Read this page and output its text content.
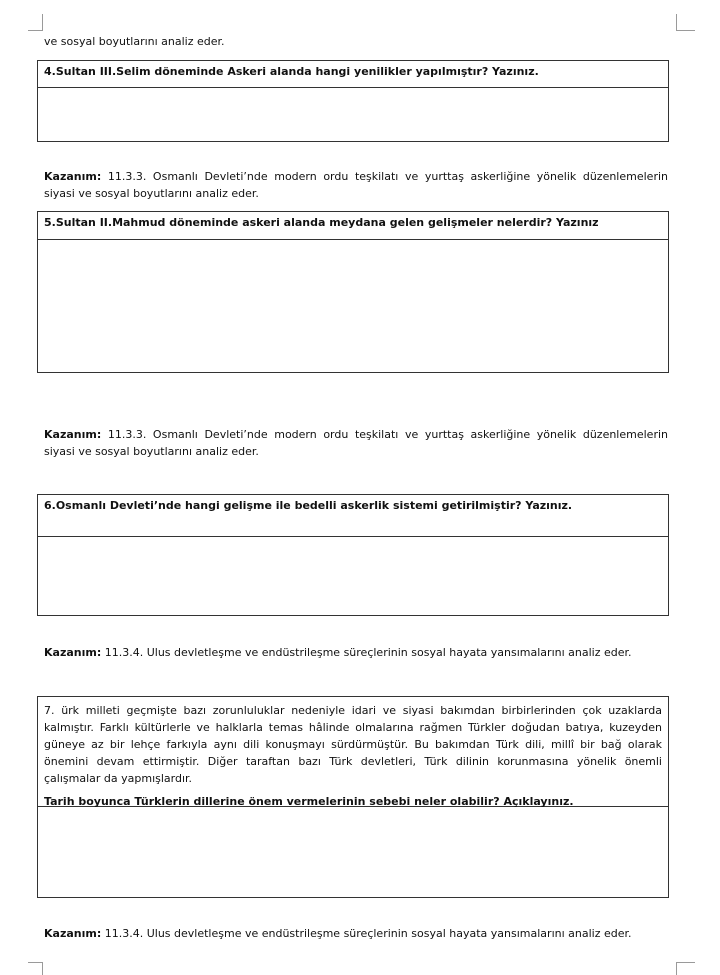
ve sosyal boyutlarını analiz eder.
4.Sultan III.Selim döneminde Askeri alanda hangi yenilikler yapılmıştır? Yazınız.
Kazanım: 11.3.3. Osmanlı Devleti’nde modern ordu teşkilatı ve yurttaş askerliğine yönelik düzenlemelerin siyasi ve sosyal boyutlarını analiz eder.
5.Sultan II.Mahmud döneminde askeri alanda meydana gelen gelişmeler nelerdir? Yazınız
Kazanım: 11.3.3. Osmanlı Devleti’nde modern ordu teşkilatı ve yurttaş askerliğine yönelik düzenlemelerin siyasi ve sosyal boyutlarını analiz eder.
6.Osmanlı Devleti’nde hangi gelişme ile bedelli askerlik sistemi getirilmiştir? Yazınız.
Kazanım: 11.3.4. Ulus devletleşme ve endüstrileşme süreçlerinin sosyal hayata yansımalarını analiz eder.
7. ürk milleti geçmişte bazı zorunluluklar nedeniyle idari ve siyasi bakımdan birbirlerinden çok uzaklarda kalmıştır. Farklı kültürlerle ve halklarla temas hâlinde olmalarına rağmen Türkler doğudan batıya, kuzeyden güneye az bir lehçe farkıyla aynı dili konuşmayı sürdürmüştür. Bu bakımdan Türk dili, millî bir bağ olarak önemini devam ettirmiştir. Diğer taraftan bazı Türk devletleri, Türk dilinin korunmasına yönelik önemli çalışmalar da yapmışlardır.
Tarih boyunca Türklerin dillerine önem vermelerinin sebebi neler olabilir? Açıklayınız.
Kazanım: 11.3.4. Ulus devletleşme ve endüstrileşme süreçlerinin sosyal hayata yansımalarını analiz eder.
